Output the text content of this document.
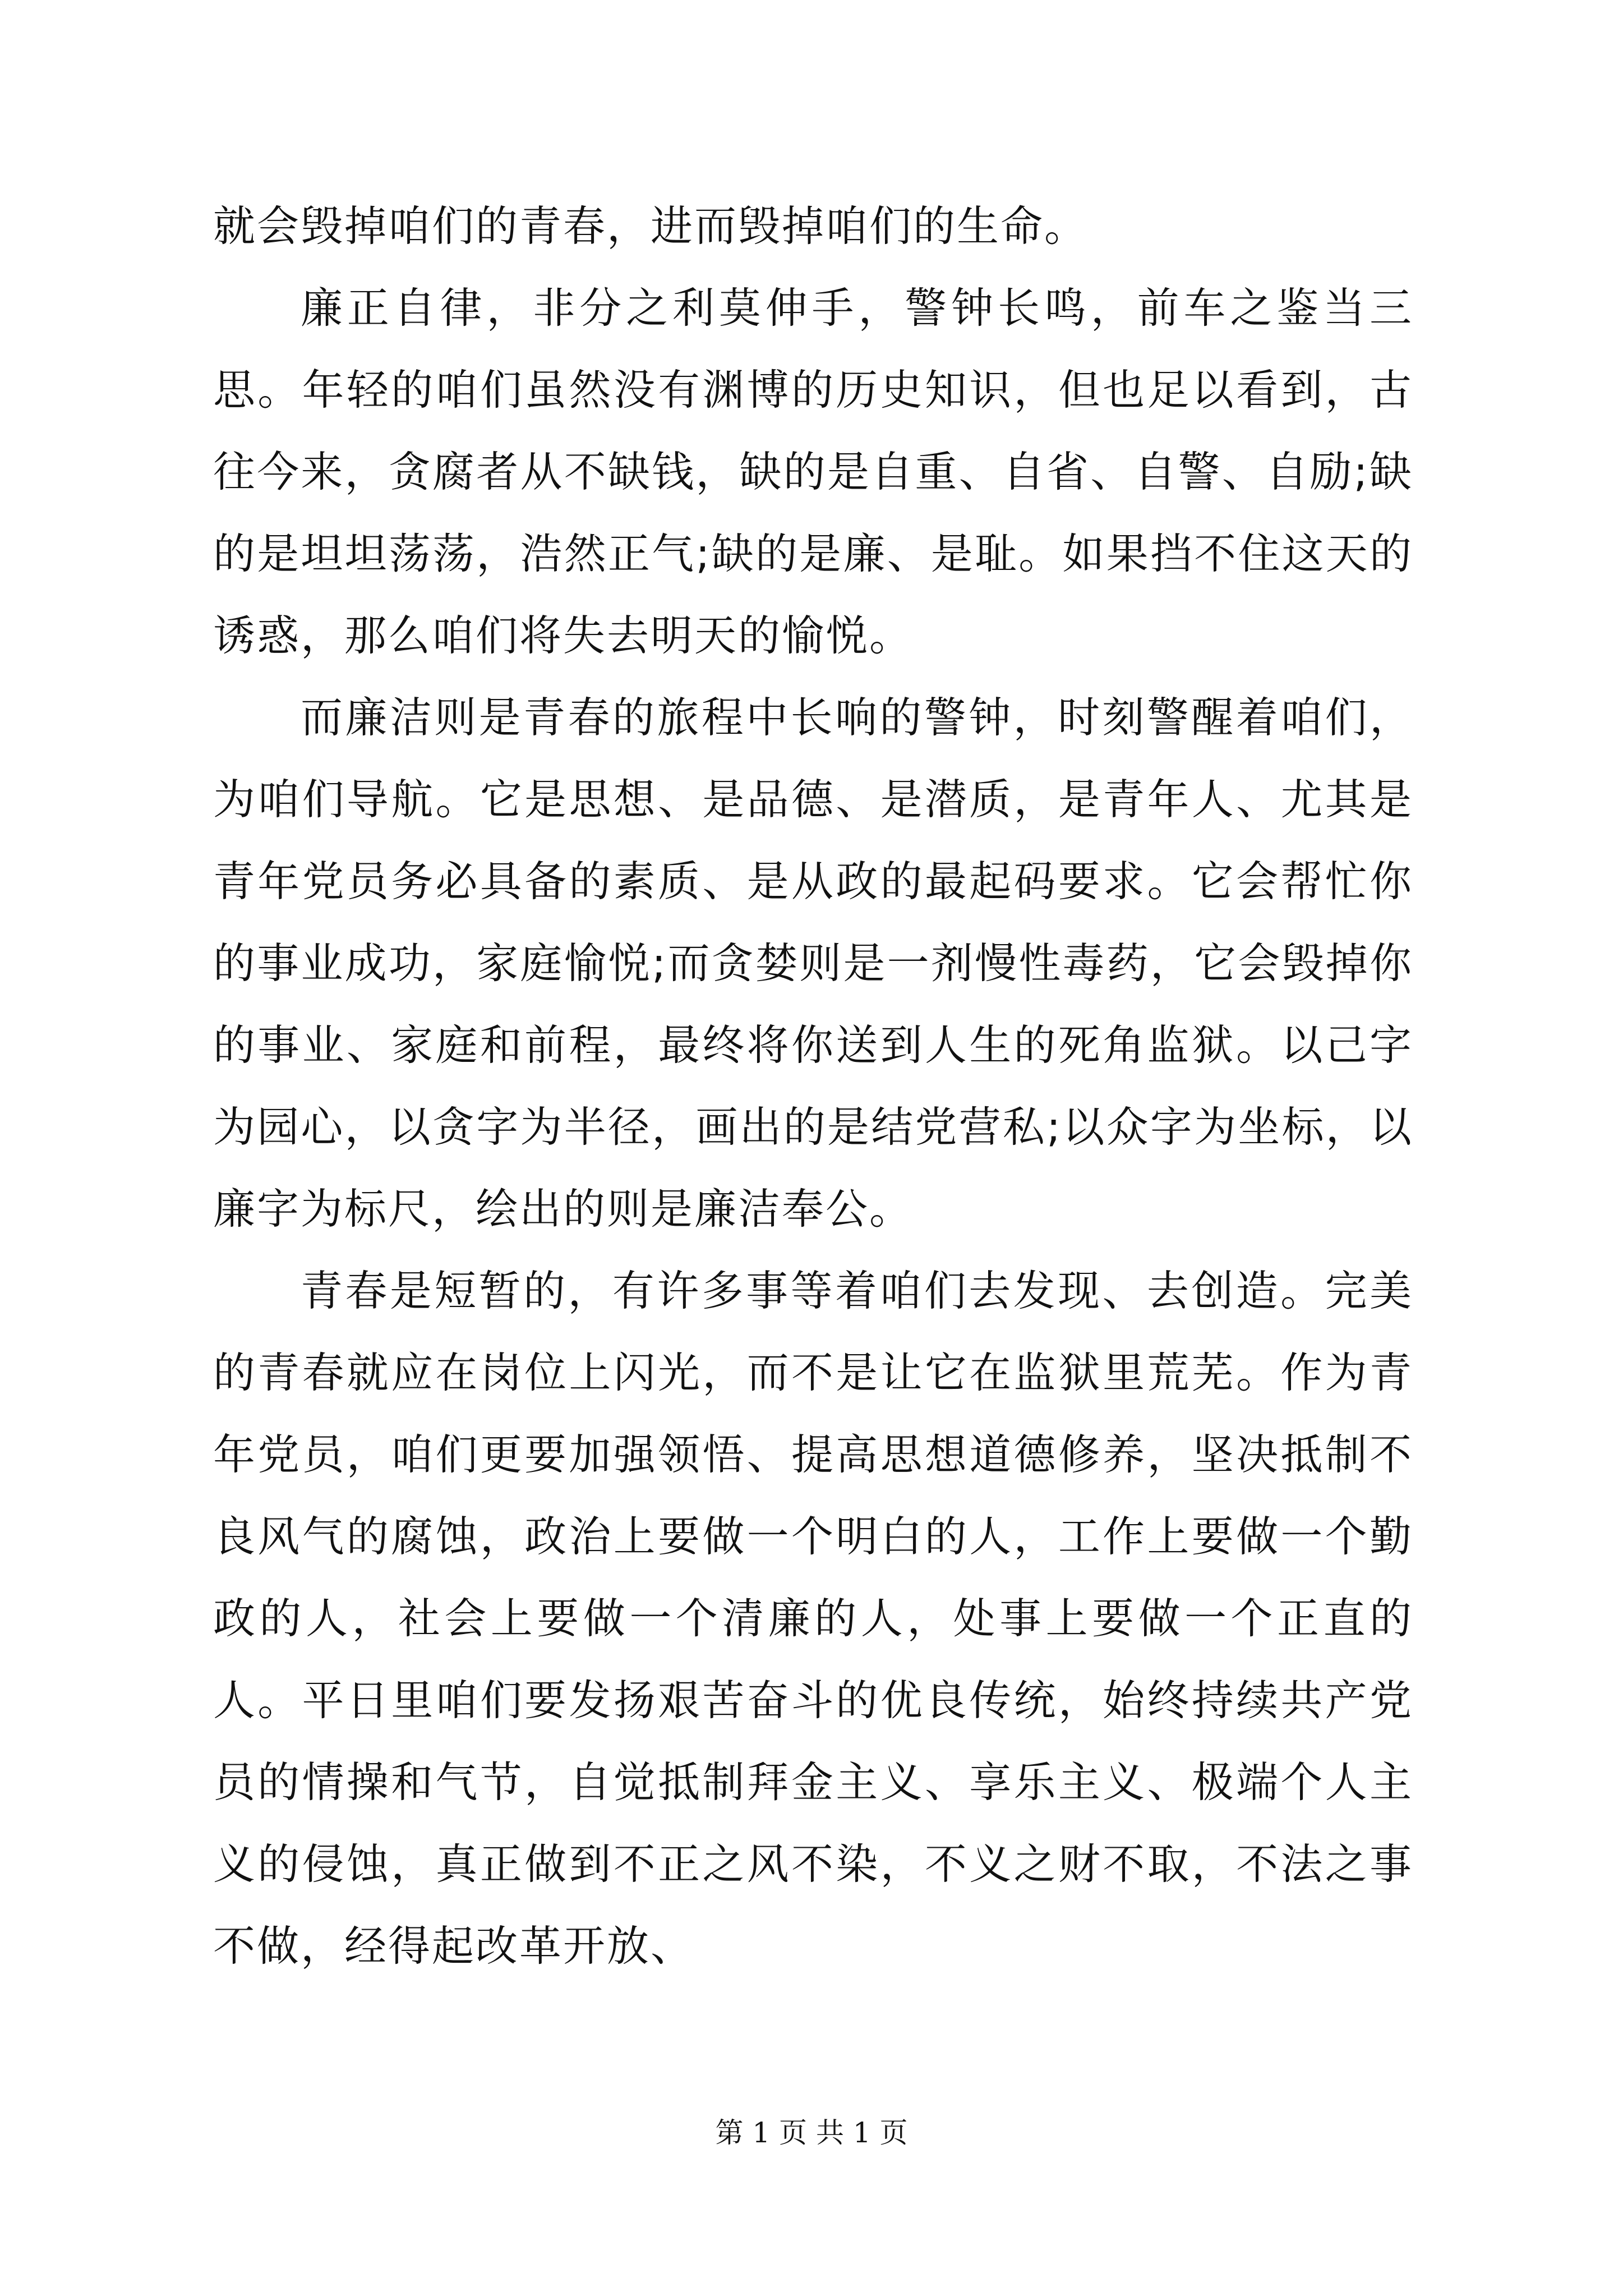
就会毁掉咱们的青春，进而毁掉咱们的生命。

廉正自律，非分之利莫伸手，警钟长鸣，前车之鉴当三思。年轻的咱们虽然没有渊博的历史知识，但也足以看到，古往今来，贪腐者从不缺钱，缺的是自重、自省、自警、自励;缺的是坦坦荡荡，浩然正气;缺的是廉、是耻。如果挡不住这天的诱惑，那么咱们将失去明天的愉悦。

而廉洁则是青春的旅程中长响的警钟，时刻警醒着咱们，为咱们导航。它是思想、是品德、是潜质，是青年人、尤其是青年党员务必具备的素质、是从政的最起码要求。它会帮忙你的事业成功，家庭愉悦;而贪婪则是一剂慢性毒药，它会毁掉你的事业、家庭和前程，最终将你送到人生的死角监狱。以己字为园心，以贪字为半径，画出的是结党营私;以众字为坐标，以廉字为标尺，绘出的则是廉洁奉公。

青春是短暂的，有许多事等着咱们去发现、去创造。完美的青春就应在岗位上闪光，而不是让它在监狱里荒芜。作为青年党员，咱们更要加强领悟、提高思想道德修养，坚决抵制不良风气的腐蚀，政治上要做一个明白的人，工作上要做一个勤政的人，社会上要做一个清廉的人，处事上要做一个正直的人。平日里咱们要发扬艰苦奋斗的优良传统，始终持续共产党员的情操和气节，自觉抵制拜金主义、享乐主义、极端个人主义的侵蚀，真正做到不正之风不染，不义之财不取，不法之事不做，经得起改革开放、

第 1 页 共 1 页
